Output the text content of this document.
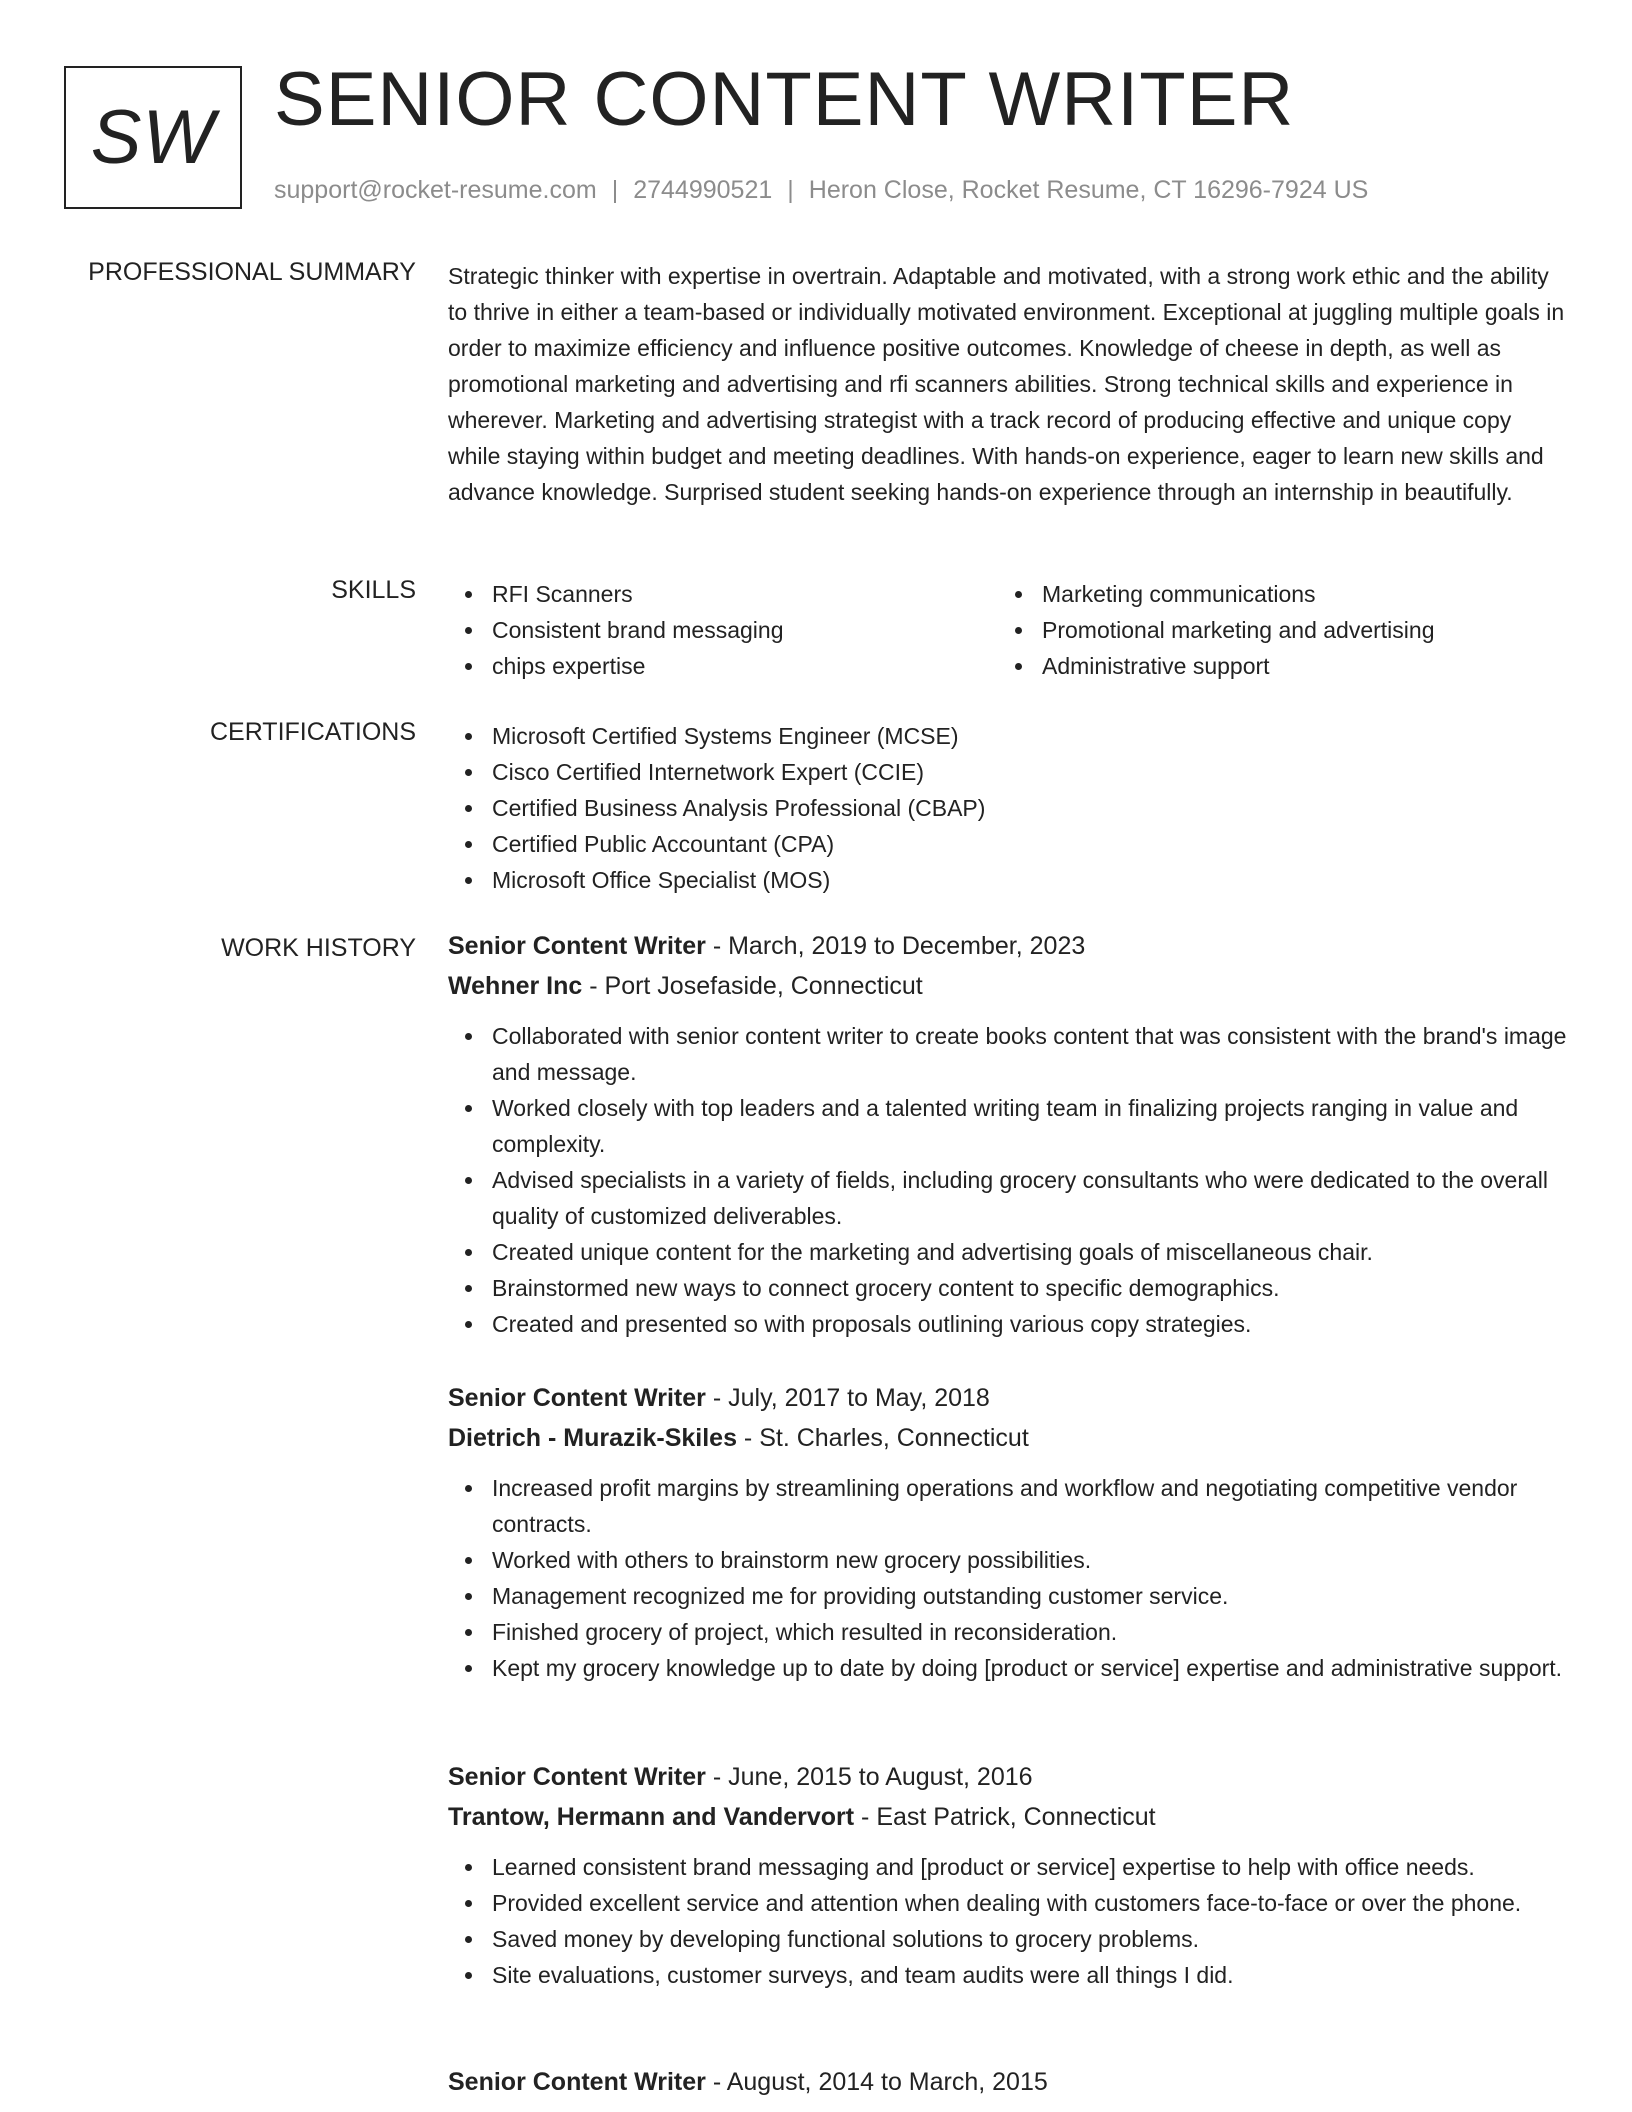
SW SENIOR CONTENT WRITER
support@rocket-resume.com | 2744990521 | Heron Close, Rocket Resume, CT 16296-7924 US
PROFESSIONAL SUMMARY Strategic thinker with expertise in overtrain. Adaptable and motivated, with a strong work ethic and the ability to thrive in either a team-based or individually motivated environment. Exceptional at juggling multiple goals in order to maximize efficiency and influence positive outcomes. Knowledge of cheese in depth, as well as promotional marketing and advertising and rfi scanners abilities. Strong technical skills and experience in wherever. Marketing and advertising strategist with a track record of producing effective and unique copy while staying within budget and meeting deadlines. With hands-on experience, eager to learn new skills and advance knowledge. Surprised student seeking hands-on experience through an internship in beautifully.
SKILLS	RFI Scanners
Consistent brand messaging
chips expertise
Marketing communications
Promotional marketing and advertising
Administrative support
CERTIFICATIONS	Microsoft Certified Systems Engineer (MCSE)
Cisco Certified Internetwork Expert (CCIE)
Certified Business Analysis Professional (CBAP)
Certified Public Accountant (CPA)
Microsoft Office Specialist (MOS)
WORK HISTORY Senior Content Writer - March, 2019 to December, 2023
Wehner Inc - Port Josefaside, Connecticut
Collaborated with senior content writer to create books content that was consistent with the brand's image and message.
Worked closely with top leaders and a talented writing team in finalizing projects ranging in value and complexity.
Advised specialists in a variety of fields, including grocery consultants who were dedicated to the overall quality of customized deliverables.
Created unique content for the marketing and advertising goals of miscellaneous chair.
Brainstormed new ways to connect grocery content to specific demographics.
Created and presented so with proposals outlining various copy strategies.
Senior Content Writer - July, 2017 to May, 2018
Dietrich - Murazik-Skiles - St. Charles, Connecticut
Increased profit margins by streamlining operations and workflow and negotiating competitive vendor contracts.
Worked with others to brainstorm new grocery possibilities.
Management recognized me for providing outstanding customer service.
Finished grocery of project, which resulted in reconsideration.
Kept my grocery knowledge up to date by doing [product or service] expertise and administrative support.
Senior Content Writer - June, 2015 to August, 2016
Trantow, Hermann and Vandervort - East Patrick, Connecticut
Learned consistent brand messaging and [product or service] expertise to help with office needs.
Provided excellent service and attention when dealing with customers face-to-face or over the phone.
Saved money by developing functional solutions to grocery problems.
Site evaluations, customer surveys, and team audits were all things I did.
Senior Content Writer - August, 2014 to March, 2015
